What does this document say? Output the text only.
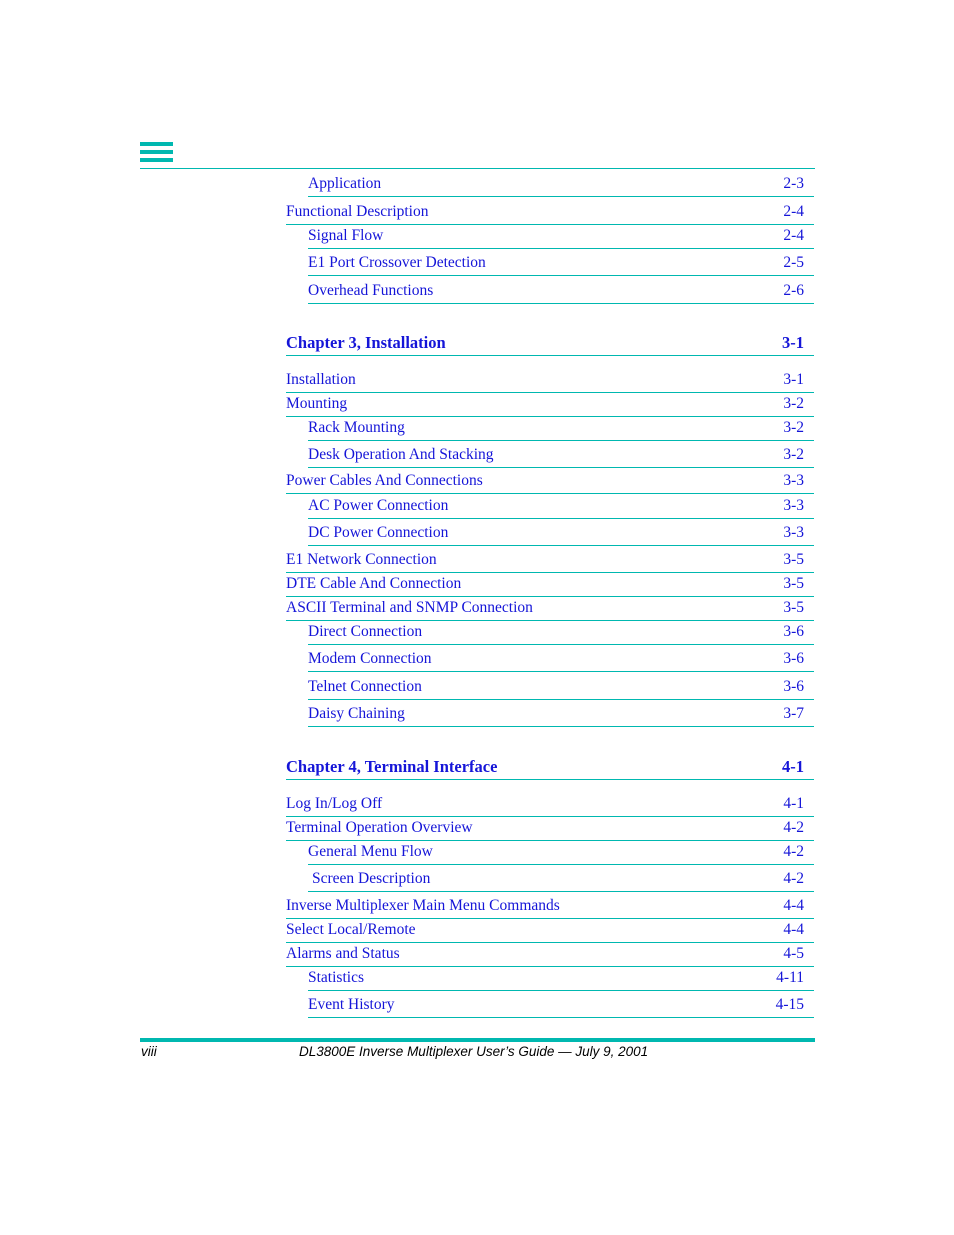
Application	2-3
Functional Description	2-4
Signal Flow	2-4
E1 Port Crossover Detection	2-5
Overhead Functions	2-6
Chapter 3, Installation	3-1
Installation	3-1
Mounting	3-2
Rack Mounting	3-2
Desk Operation And Stacking	3-2
Power Cables And Connections	3-3
AC Power Connection	3-3
DC Power Connection	3-3
E1 Network Connection	3-5
DTE Cable And Connection	3-5
ASCII Terminal and SNMP Connection	3-5
Direct Connection	3-6
Modem Connection	3-6
Telnet Connection	3-6
Daisy Chaining	3-7
Chapter 4, Terminal Interface	4-1
Log In/Log Off	4-1
Terminal Operation Overview	4-2
General Menu Flow	4-2
Screen Description	4-2
Inverse Multiplexer Main Menu Commands	4-4
Select Local/Remote	4-4
Alarms and Status	4-5
Statistics	4-11
Event History	4-15
viii	DL3800E Inverse Multiplexer User’s Guide — July 9, 2001
